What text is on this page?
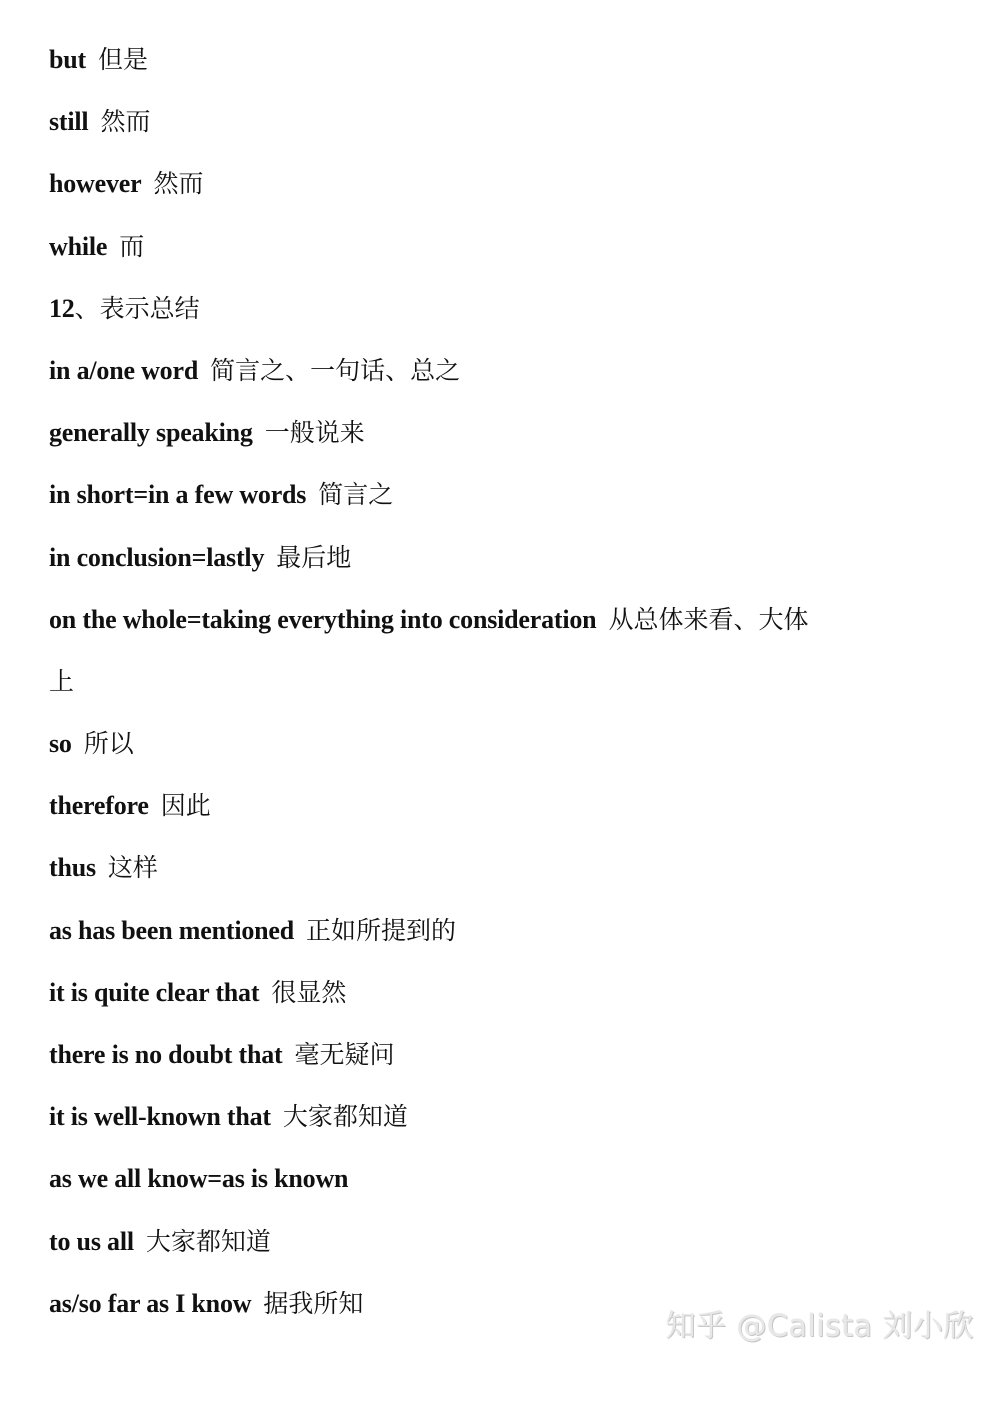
but 但是
still 然而
however 然而
while 而
12、表示总结
in a/one word 简言之、一句话、总之
generally speaking 一般说来
in short=in a few words 简言之
in conclusion=lastly 最后地
on the whole=taking everything into consideration 从总体来看、大体
上
so 所以
therefore 因此
thus 这样
as has been mentioned 正如所提到的
it is quite clear that 很显然
there is no doubt that 毫无疑问
it is well-known that 大家都知道
as we all know=as is known
to us all 大家都知道
as/so far as I know 据我所知
知乎 @Calista 刘小欣
